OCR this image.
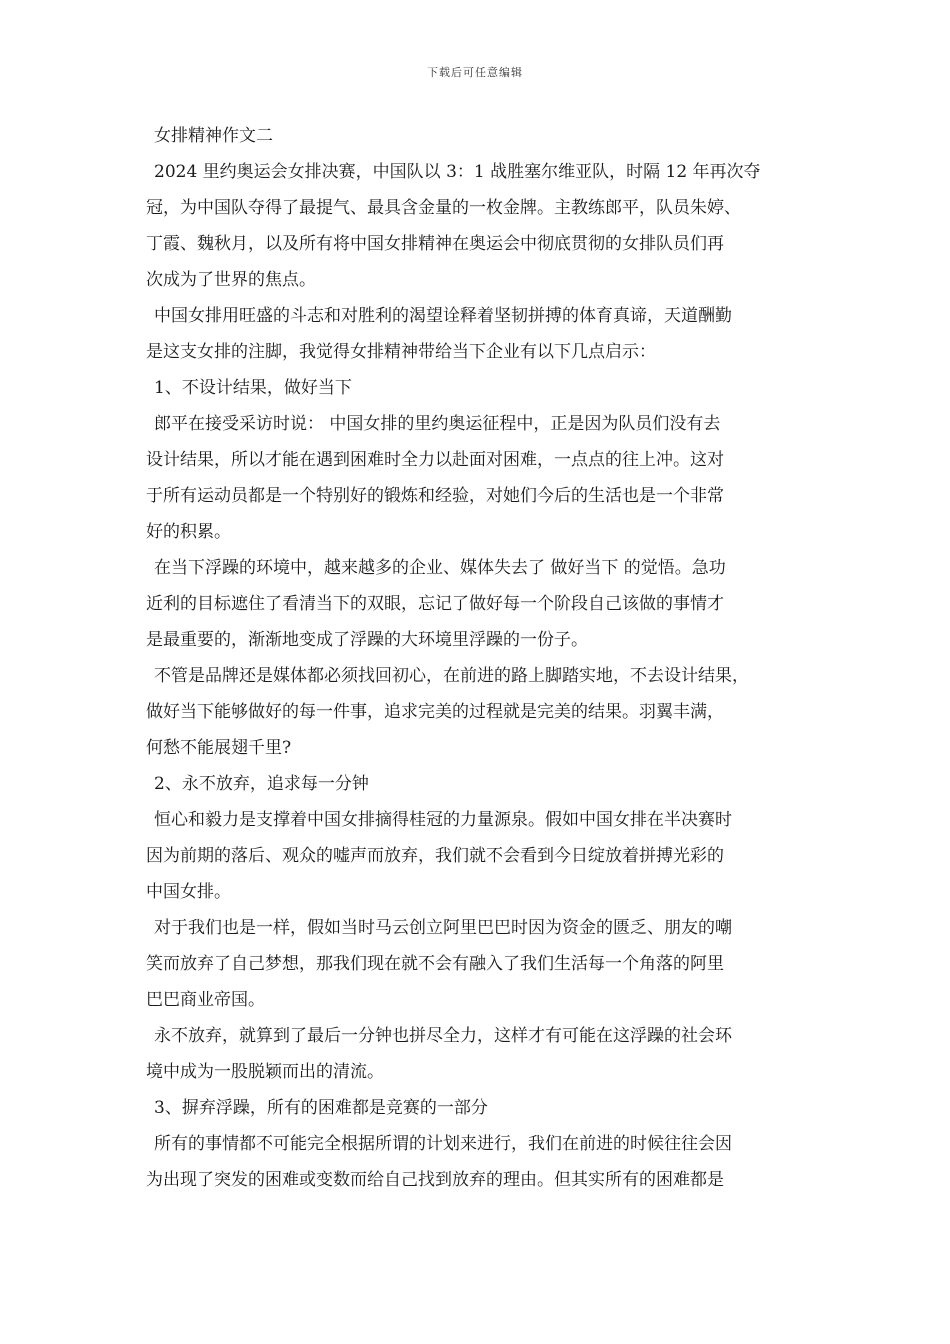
下载后可任意编辑
女排精神作文二
2024 里约奥运会女排决赛，中国队以 3：1 战胜塞尔维亚队，时隔 12 年再次夺
冠，为中国队夺得了最提气、最具含金量的一枚金牌。主教练郎平，队员朱婷、
丁霞、魏秋月，以及所有将中国女排精神在奥运会中彻底贯彻的女排队员们再
次成为了世界的焦点。
中国女排用旺盛的斗志和对胜利的渴望诠释着坚韧拼搏的体育真谛，天道酬勤
是这支女排的注脚，我觉得女排精神带给当下企业有以下几点启示：
1、不设计结果，做好当下
郎平在接受采访时说： 中国女排的里约奥运征程中，正是因为队员们没有去
设计结果，所以才能在遇到困难时全力以赴面对困难，一点点的往上冲。这对
于所有运动员都是一个特别好的锻炼和经验，对她们今后的生活也是一个非常
好的积累。
在当下浮躁的环境中，越来越多的企业、媒体失去了 做好当下 的觉悟。急功
近利的目标遮住了看清当下的双眼，忘记了做好每一个阶段自己该做的事情才
是最重要的，渐渐地变成了浮躁的大环境里浮躁的一份子。
不管是品牌还是媒体都必须找回初心，在前进的路上脚踏实地，不去设计结果，
做好当下能够做好的每一件事，追求完美的过程就是完美的结果。羽翼丰满，
何愁不能展翅千里?
2、永不放弃，追求每一分钟
恒心和毅力是支撑着中国女排摘得桂冠的力量源泉。假如中国女排在半决赛时
因为前期的落后、观众的嘘声而放弃，我们就不会看到今日绽放着拼搏光彩的
中国女排。
对于我们也是一样，假如当时马云创立阿里巴巴时因为资金的匮乏、朋友的嘲
笑而放弃了自己梦想，那我们现在就不会有融入了我们生活每一个角落的阿里
巴巴商业帝国。
永不放弃，就算到了最后一分钟也拼尽全力，这样才有可能在这浮躁的社会环
境中成为一股脱颖而出的清流。
3、摒弃浮躁，所有的困难都是竞赛的一部分
所有的事情都不可能完全根据所谓的计划来进行，我们在前进的时候往往会因
为出现了突发的困难或变数而给自己找到放弃的理由。但其实所有的困难都是
